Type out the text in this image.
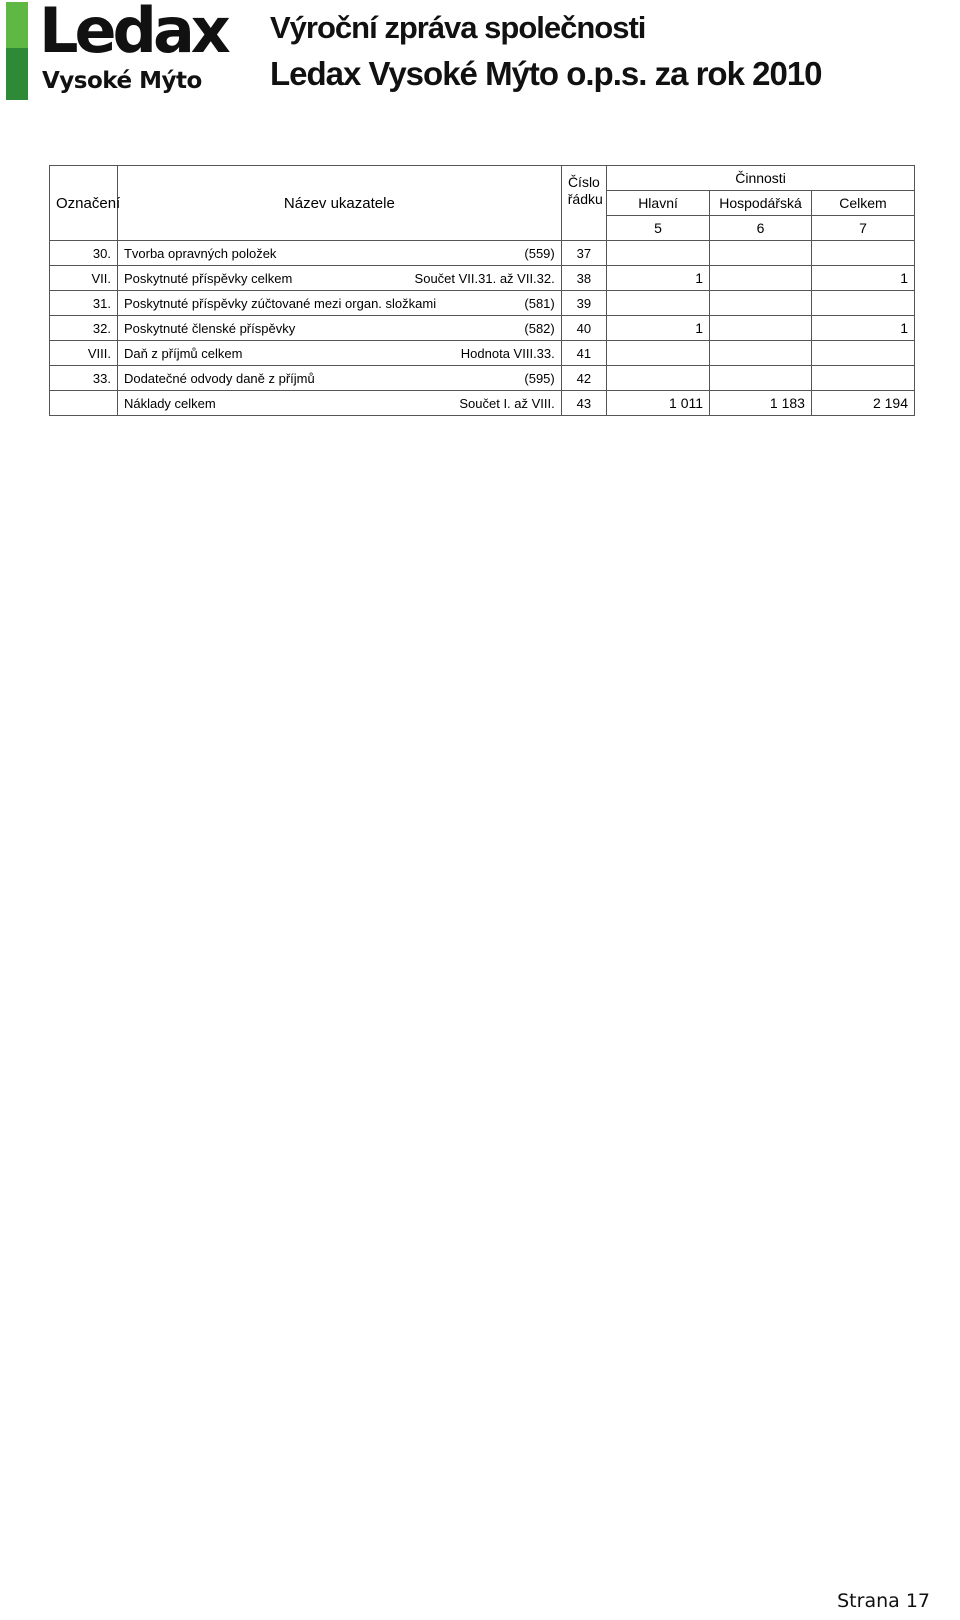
Ledax
Vysoké Mýto
Výroční zpráva společnosti
Ledax Vysoké Mýto o.p.s. za rok 2010
Označení	Název ukazatele	Číslo řádku	Činnosti		
			Hlavní	Hospodářská	Celkem
			5	6	7
30.	Tvorba opravných položek (559)	37			
VII.	Poskytnuté příspěvky celkem Součet VII.31. až VII.32.	38	1		1
31.	Poskytnuté příspěvky zúčtované mezi organ. složkami (581)	39			
32.	Poskytnuté členské příspěvky (582)	40	1		1
VIII.	Daň z příjmů celkem Hodnota VIII.33.	41			
33.	Dodatečné odvody daně z příjmů (595)	42			

	Náklady celkem Součet I. až VIII.	43	1 011	1 183	2 194
Strana 17
